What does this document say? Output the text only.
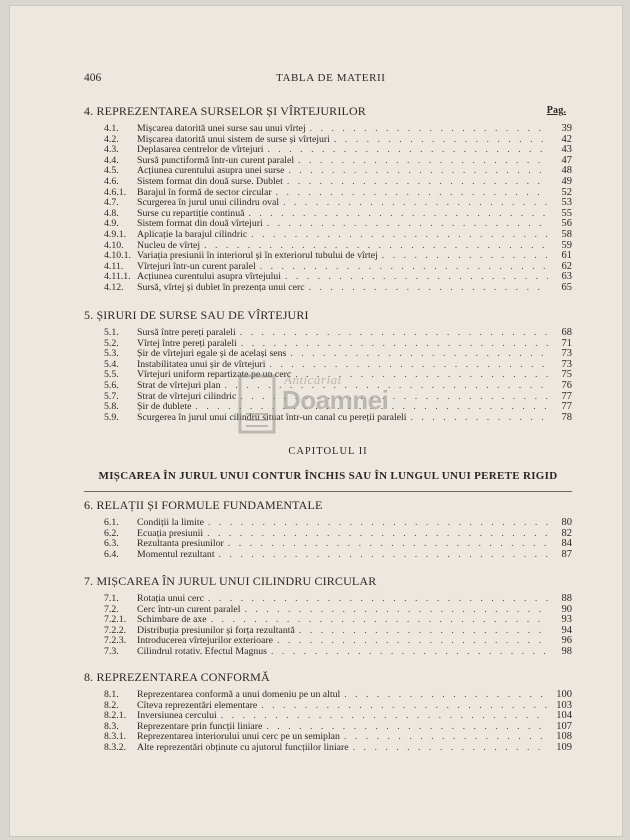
406	TABLA DE MATERII
4. REPREZENTAREA SURSELOR ȘI VÎRTEJURILOR	Pag.
4.1.	Mișcarea datorită unei surse sau unui vîrtej . . .	39
4.2.	Mișcarea datorită unui sistem de surse și vîrtejuri . . .	42
4.3.	Deplasarea centrelor de vîrtejuri . . .	43
4.4.	Sursă punctiformă într-un curent paralel . . .	47
4.5.	Acțiunea curentului asupra unei surse . . .	48
4.6.	Sistem format din două surse. Dublet . . .	49
4.6.1.	Barajul în formă de sector circular . . .	52
4.7.	Scurgerea în jurul unui cilindru oval . . .	53
4.8.	Surse cu repartiție continuă . . .	55
4.9.	Sistem format din două vîrtejuri . . .	56
4.9.1.	Aplicație la barajul cilindric . . .	58
4.10.	Nucleu de vîrtej . . .	59
4.10.1. Variația presiunii în interiorul și în exteriorul tubului de vîrtej . . .	61
4.11.	Vîrtejuri într-un curent paralel . . .	62
4.11.1. Acțiunea curentului asupra vîrtejului . . .	63
4.12.	Sursă, vîrtej și dublet în prezența unui cerc . . .	65
5. ȘIRURI DE SURSE SAU DE VÎRTEJURI
5.1.	Sursă între pereți paraleli . . .	68
5.2.	Vîrtej între pereți paraleli . . .	71
5.3.	Șir de vîrtejuri egale și de același sens . . .	73
5.4.	Instabilitatea unui șir de vîrtejuri . . .	73
5.5.	Vîrtejuri uniform repartizate pe un cerc . . .	75
5.6.	Strat de vîrtejuri plan . . .	76
5.7.	Strat de vîrtejuri cilindric . . .	77
5.8.	Șir de dublete . . .	77
5.9.	Scurgerea în jurul unui cilindru situat într-un canal cu pereții paraleli . . .	78
Anticariat
Doamnei
CAPITOLUL II
MIȘCAREA ÎN JURUL UNUI CONTUR ÎNCHIS SAU ÎN LUNGUL UNUI PERETE RIGID
6. RELAȚII ȘI FORMULE FUNDAMENTALE
6.1.	Condiții la limite . . .	80
6.2.	Ecuația presiunii . . .	82
6.3.	Rezultanta presiunilor . . .	84
6.4.	Momentul rezultant . . .	87
7. MIȘCAREA ÎN JURUL UNUI CILINDRU CIRCULAR
7.1.	Rotația unui cerc . . .	88
7.2.	Cerc într-un curent paralel . . .	90
7.2.1.	Schimbare de axe . . .	93
7.2.2.	Distribuția presiunilor și forța rezultantă . . .	94
7.2.3.	Introducerea vîrtejurilor exterioare . . .	96
7.3.	Cilindrul rotativ. Efectul Magnus . . .	98
8. REPREZENTAREA CONFORMĂ
8.1.	Reprezentarea conformă a unui domeniu pe un altul . . .	100
8.2.	Cîteva reprezentări elementare . . .	103
8.2.1.	Inversiunea cercului . . .	104
8.3.	Reprezentare prin funcții liniare . . .	107
8.3.1.	Reprezentarea interiorului unui cerc pe un semiplan . . .	108
8.3.2.	Alte reprezentări obținute cu ajutorul funcțiilor liniare . . .	109
